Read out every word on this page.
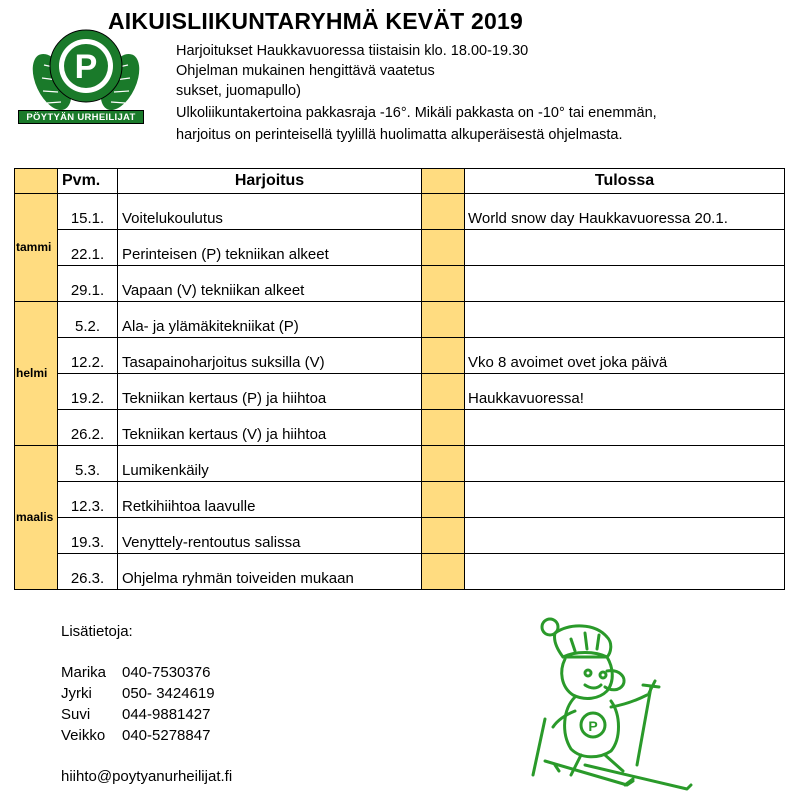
AIKUISLIIKUNTARYHMÄ KEVÄT 2019
Harjoitukset Haukkavuoressa tiistaisin klo. 18.00-19.30
Ohjelman mukainen hengittävä vaatetus
sukset, juomapullo)
Ulkoliikuntakertoina pakkasraja -16°. Mikäli pakkasta on -10° tai enemmän,
harjoitus on perinteisellä tyylillä huolimatta alkuperäisestä ohjelmasta.
P
PÖYTYÄN URHEILIJAT
	Pvm.	Harjoitus		Tulossa
tammi	15.1.	Voitelukoulutus		World snow day Haukkavuoressa 20.1.
	22.1.	Perinteisen (P) tekniikan alkeet		
	29.1.	Vapaan (V) tekniikan alkeet		
helmi	5.2.	Ala- ja ylämäkitekniikat (P)		
	12.2.	Tasapainoharjoitus suksilla (V)		Vko 8 avoimet ovet joka päivä
	19.2.	Tekniikan kertaus (P) ja hiihtoa		Haukkavuoressa!
	26.2.	Tekniikan kertaus (V) ja hiihtoa		
maalis	5.3.	Lumikenkäily		
	12.3.	Retkihiihtoa laavulle		
	19.3.	Venyttely-rentoutus salissa		
	26.3.	Ohjelma ryhmän toiveiden mukaan		
Lisätietoja:
Marika 040-7530376
Jyrki 050- 3424619
Suvi 044-9881427
Veikko 040-5278847
hiihto@poytyanurheilijat.fi
P
